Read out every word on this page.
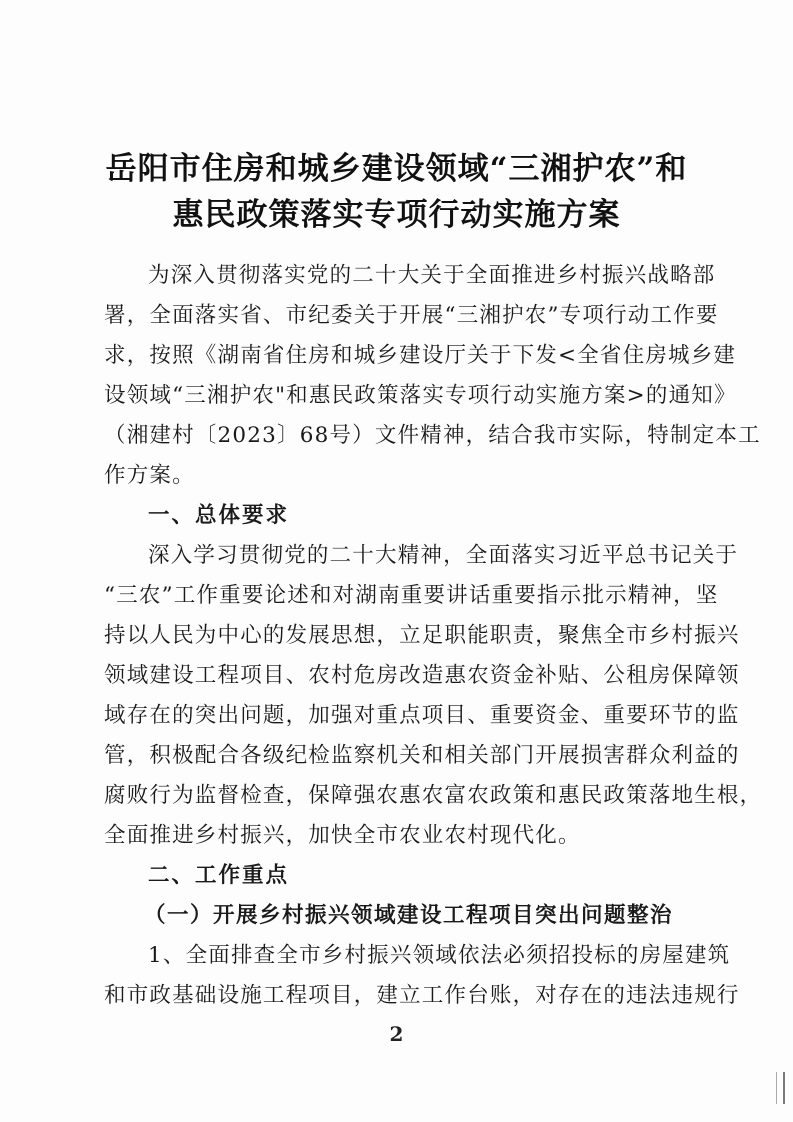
岳阳市住房和城乡建设领域“三湘护农”和
惠民政策落实专项行动实施方案
为深入贯彻落实党的二十大关于全面推进乡村振兴战略部
署，全面落实省、市纪委关于开展“三湘护农”专项行动工作要
求，按照《湖南省住房和城乡建设厅关于下发<全省住房城乡建
设领域“三湘护农"和惠民政策落实专项行动实施方案>的通知》
（湘建村〔2023〕68号）文件精神，结合我市实际，特制定本工
作方案。
一、总体要求
深入学习贯彻党的二十大精神，全面落实习近平总书记关于
“三农”工作重要论述和对湖南重要讲话重要指示批示精神，坚
持以人民为中心的发展思想，立足职能职责，聚焦全市乡村振兴
领域建设工程项目、农村危房改造惠农资金补贴、公租房保障领
域存在的突出问题，加强对重点项目、重要资金、重要环节的监
管，积极配合各级纪检监察机关和相关部门开展损害群众利益的
腐败行为监督检查，保障强农惠农富农政策和惠民政策落地生根，
全面推进乡村振兴，加快全市农业农村现代化。
二、工作重点
（一）开展乡村振兴领域建设工程项目突出问题整治
1、全面排查全市乡村振兴领域依法必须招投标的房屋建筑
和市政基础设施工程项目，建立工作台账，对存在的违法违规行
2
